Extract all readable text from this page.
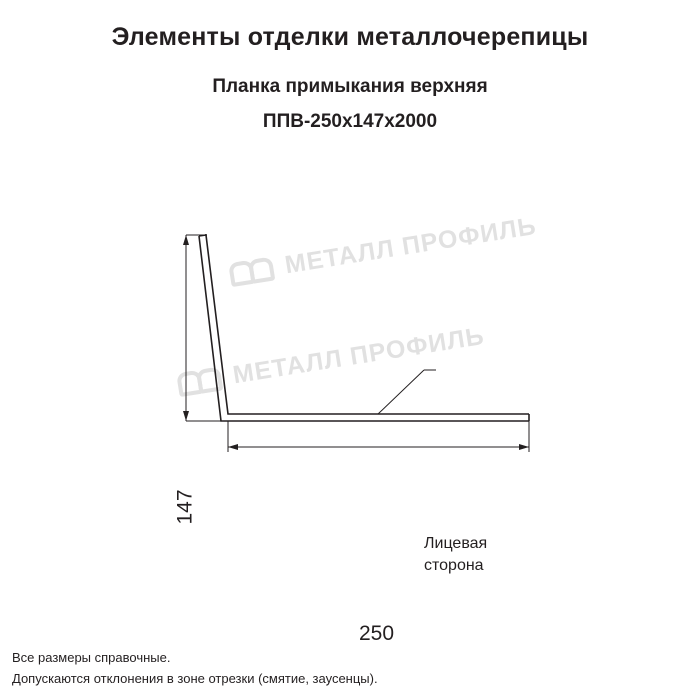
Элементы отделки металлочерепицы
Планка примыкания верхняя
ППВ-250x147x2000
МЕТАЛЛ ПРОФИЛЬ
МЕТАЛЛ ПРОФИЛЬ
147
250
Лицевая
сторона
Все размеры справочные.
Допускаются отклонения в зоне отрезки (смятие, заусенцы).
